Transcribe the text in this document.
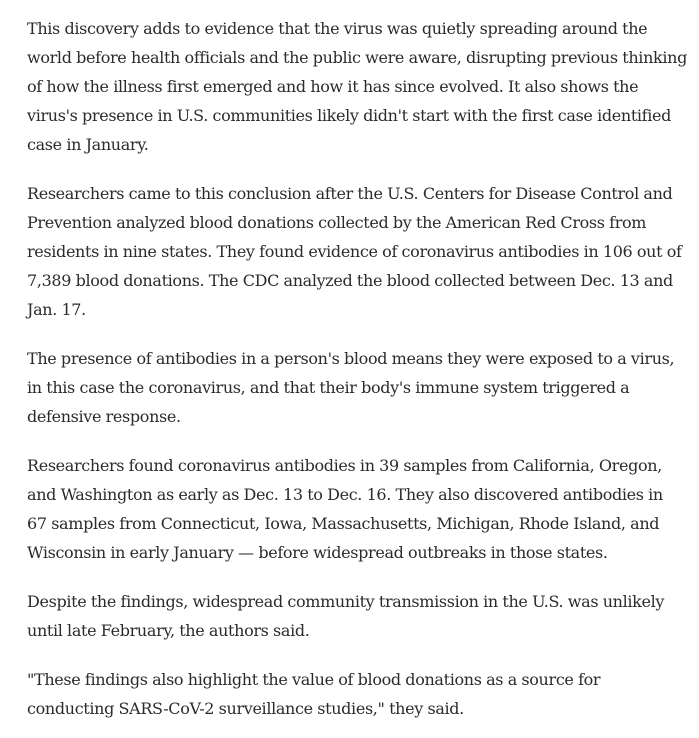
This discovery adds to evidence that the virus was quietly spreading around the world before health officials and the public were aware, disrupting previous thinking of how the illness first emerged and how it has since evolved. It also shows the virus's presence in U.S. communities likely didn't start with the first case identified case in January.

Researchers came to this conclusion after the U.S. Centers for Disease Control and Prevention analyzed blood donations collected by the American Red Cross from residents in nine states. They found evidence of coronavirus antibodies in 106 out of 7,389 blood donations. The CDC analyzed the blood collected between Dec. 13 and Jan. 17.

The presence of antibodies in a person's blood means they were exposed to a virus, in this case the coronavirus, and that their body's immune system triggered a defensive response.

Researchers found coronavirus antibodies in 39 samples from California, Oregon, and Washington as early as Dec. 13 to Dec. 16. They also discovered antibodies in 67 samples from Connecticut, Iowa, Massachusetts, Michigan, Rhode Island, and Wisconsin in early January — before widespread outbreaks in those states.

Despite the findings, widespread community transmission in the U.S. was unlikely until late February, the authors said.

"These findings also highlight the value of blood donations as a source for conducting SARS-CoV-2 surveillance studies," they said.
